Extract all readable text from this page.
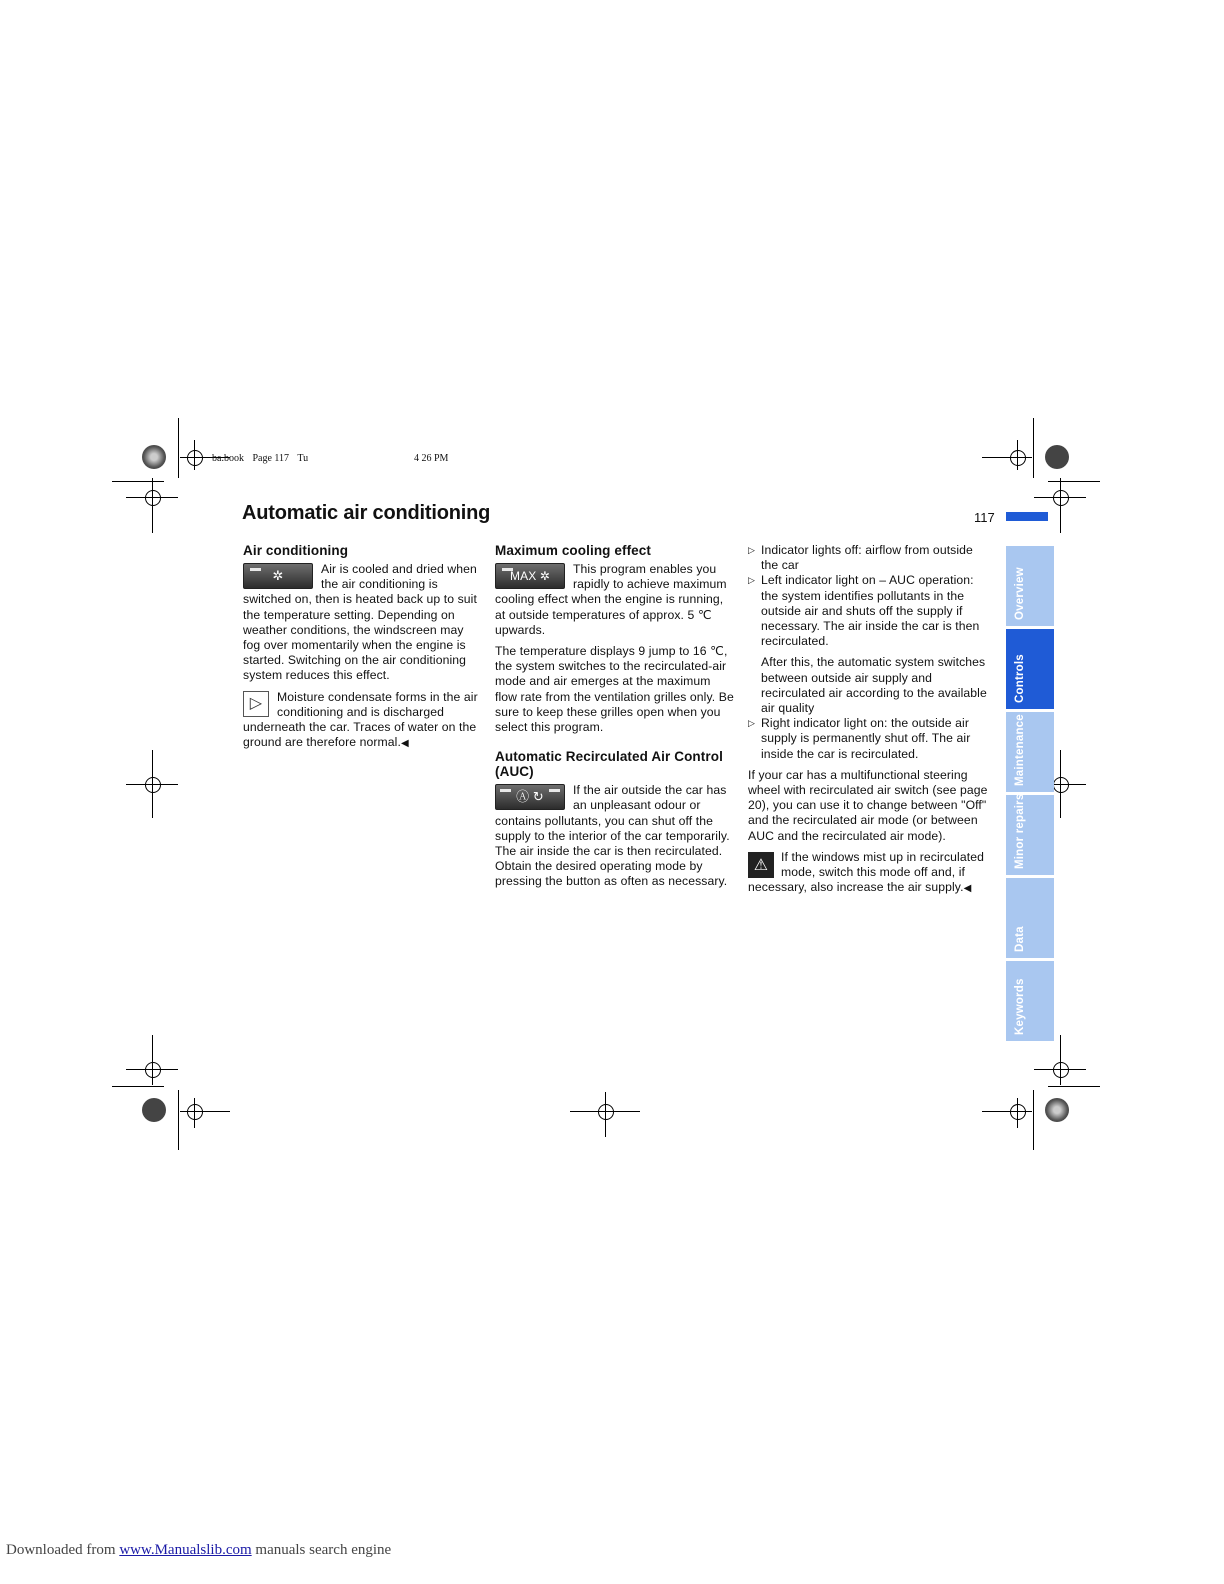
ba.book Page 117 Tu	4 26 PM
Automatic air conditioning	117
Air conditioning

✲	Air is cooled and dried when the air conditioning is switched on, then is heated back up to suit the temperature setting. Depending on weather conditions, the windscreen may fog over momentarily when the engine is started. Switching on the air conditioning system reduces this effect.

▷	Moisture condensate forms in the air conditioning and is discharged underneath the car. Traces of water on the ground are therefore normal.◀

Maximum cooling effect

MAX ✲	This program enables you rapidly to achieve maximum cooling effect when the engine is running, at outside temperatures of approx. 5 ℃ upwards.

The temperature displays 9 jump to 16 ℃, the system switches to the recirculated-air mode and air emerges at the maximum flow rate from the ventilation grilles only. Be sure to keep these grilles open when you select this program.

Automatic Recirculated Air Control (AUC)

Ⓐ ↻	If the air outside the car has an unpleasant odour or contains pollutants, you can shut off the supply to the interior of the car temporarily. The air inside the car is then recirculated. Obtain the desired operating mode by pressing the button as often as necessary.

▷ Indicator lights off: airflow from outside the car
▷ Left indicator light on – AUC operation: the system identifies pollutants in the outside air and shuts off the supply if necessary. The air inside the car is then recirculated.

After this, the automatic system switches between outside air supply and recirculated air according to the available air quality

▷ Right indicator light on: the outside air supply is permanently shut off. The air inside the car is recirculated.

If your car has a multifunctional steering wheel with recirculated air switch (see page 20), you can use it to change between "Off" and the recirculated air mode (or between AUC and the recirculated air mode).

⚠	If the windows mist up in recirculated mode, switch this mode off and, if necessary, also increase the air supply.◀

Overview
Controls
Maintenance
Minor repairs
Data
Keywords
Downloaded from www.Manualslib.com manuals search engine
